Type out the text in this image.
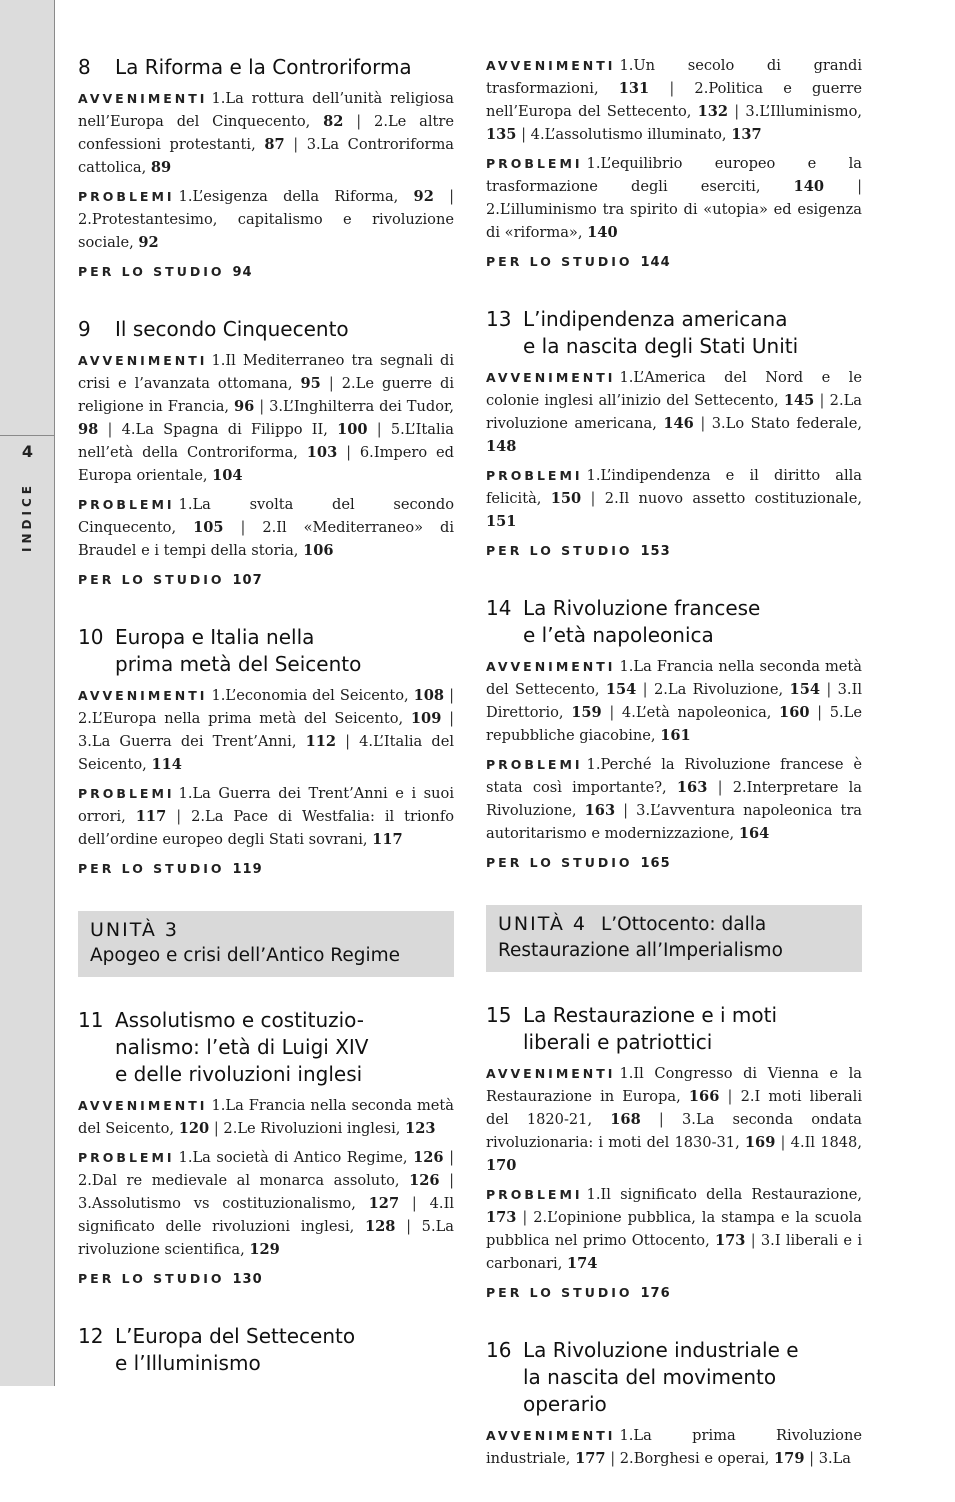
4
INDICE
8	La Riforma e la Controriforma

AVVENIMENTI 1.La rottura dell’unità religiosa nell’Europa del Cinquecento, 82 | 2.Le altre confessioni protestanti, 87 | 3.La Controriforma cattolica, 89

PROBLEMI 1.L’esigenza della Riforma, 92 | 2.Protestantesimo, capitalismo e rivoluzione sociale, 92

PER LO STUDIO 94
9	Il secondo Cinquecento

AVVENIMENTI 1.Il Mediterraneo tra segnali di crisi e l’avanzata ottomana, 95 | 2.Le guerre di religione in Francia, 96 | 3.L’Inghilterra dei Tudor, 98 | 4.La Spagna di Filippo II, 100 | 5.L’Italia nell’età della Controriforma, 103 | 6.Impero ed Europa orientale, 104

PROBLEMI 1.La svolta del secondo Cinquecento, 105 | 2.Il «Mediterraneo» di Braudel e i tempi della storia, 106

PER LO STUDIO 107
10 Europa e Italia nella
prima metà del Seicento

AVVENIMENTI 1.L’economia del Seicento, 108 | 2.L’Europa nella prima metà del Seicento, 109 | 3.La Guerra dei Trent’Anni, 112 | 4.L’Italia del Seicento, 114

PROBLEMI 1.La Guerra dei Trent’Anni e i suoi orrori, 117 | 2.La Pace di Westfalia: il trionfo dell’ordine europeo degli Stati sovrani, 117

PER LO STUDIO 119
UNITÀ 3
Apogeo e crisi dell’Antico Regime
11 Assolutismo e costituzio-
nalismo: l’età di Luigi XIV
e delle rivoluzioni inglesi

AVVENIMENTI 1.La Francia nella seconda metà del Seicento, 120 | 2.Le Rivoluzioni inglesi, 123

PROBLEMI 1.La società di Antico Regime, 126 | 2.Dal re medievale al monarca assoluto, 126 | 3.Assolutismo vs costituzionalismo, 127 | 4.Il significato delle rivoluzioni inglesi, 128 | 5.La rivoluzione scientifica, 129

PER LO STUDIO 130
12 L’Europa del Settecento
e l’Illuminismo

AVVENIMENTI 1.Un secolo di grandi trasformazioni, 131 | 2.Politica e guerre nell’Europa del Settecento, 132 | 3.L’Illuminismo, 135 | 4.L’assolutismo illuminato, 137

PROBLEMI 1.L’equilibrio europeo e la trasformazione degli eserciti, 140 | 2.L’illuminismo tra spirito di «utopia» ed esigenza di «riforma», 140

PER LO STUDIO 144
13 L’indipendenza americana
e la nascita degli Stati Uniti

AVVENIMENTI 1.L’America del Nord e le colonie inglesi all’inizio del Settecento, 145 | 2.La rivoluzione americana, 146 | 3.Lo Stato federale, 148

PROBLEMI 1.L’indipendenza e il diritto alla felicità, 150 | 2.Il nuovo assetto costituzionale, 151

PER LO STUDIO 153
14 La Rivoluzione francese
e l’età napoleonica

AVVENIMENTI 1.La Francia nella seconda metà del Settecento, 154 | 2.La Rivoluzione, 154 | 3.Il Direttorio, 159 | 4.L’età napoleonica, 160 | 5.Le repubbliche giacobine, 161

PROBLEMI 1.Perché la Rivoluzione francese è stata così importante?, 163 | 2.Interpretare la Rivoluzione, 163 | 3.L’avventura napoleonica tra autoritarismo e modernizzazione, 164

PER LO STUDIO 165
UNITÀ 4 L’Ottocento: dalla
Restaurazione all’Imperialismo
15 La Restaurazione e i moti
liberali e patriottici

AVVENIMENTI 1.Il Congresso di Vienna e la Restaurazione in Europa, 166 | 2.I moti liberali del 1820-21, 168 | 3.La seconda ondata rivoluzionaria: i moti del 1830-31, 169 | 4.Il 1848, 170

PROBLEMI 1.Il significato della Restaurazione, 173 | 2.L’opinione pubblica, la stampa e la scuola pubblica nel primo Ottocento, 173 | 3.I liberali e i carbonari, 174

PER LO STUDIO 176
16 La Rivoluzione industriale e
la nascita del movimento operario

AVVENIMENTI 1.La prima Rivoluzione industriale, 177 | 2.Borghesi e operai, 179 | 3.La
